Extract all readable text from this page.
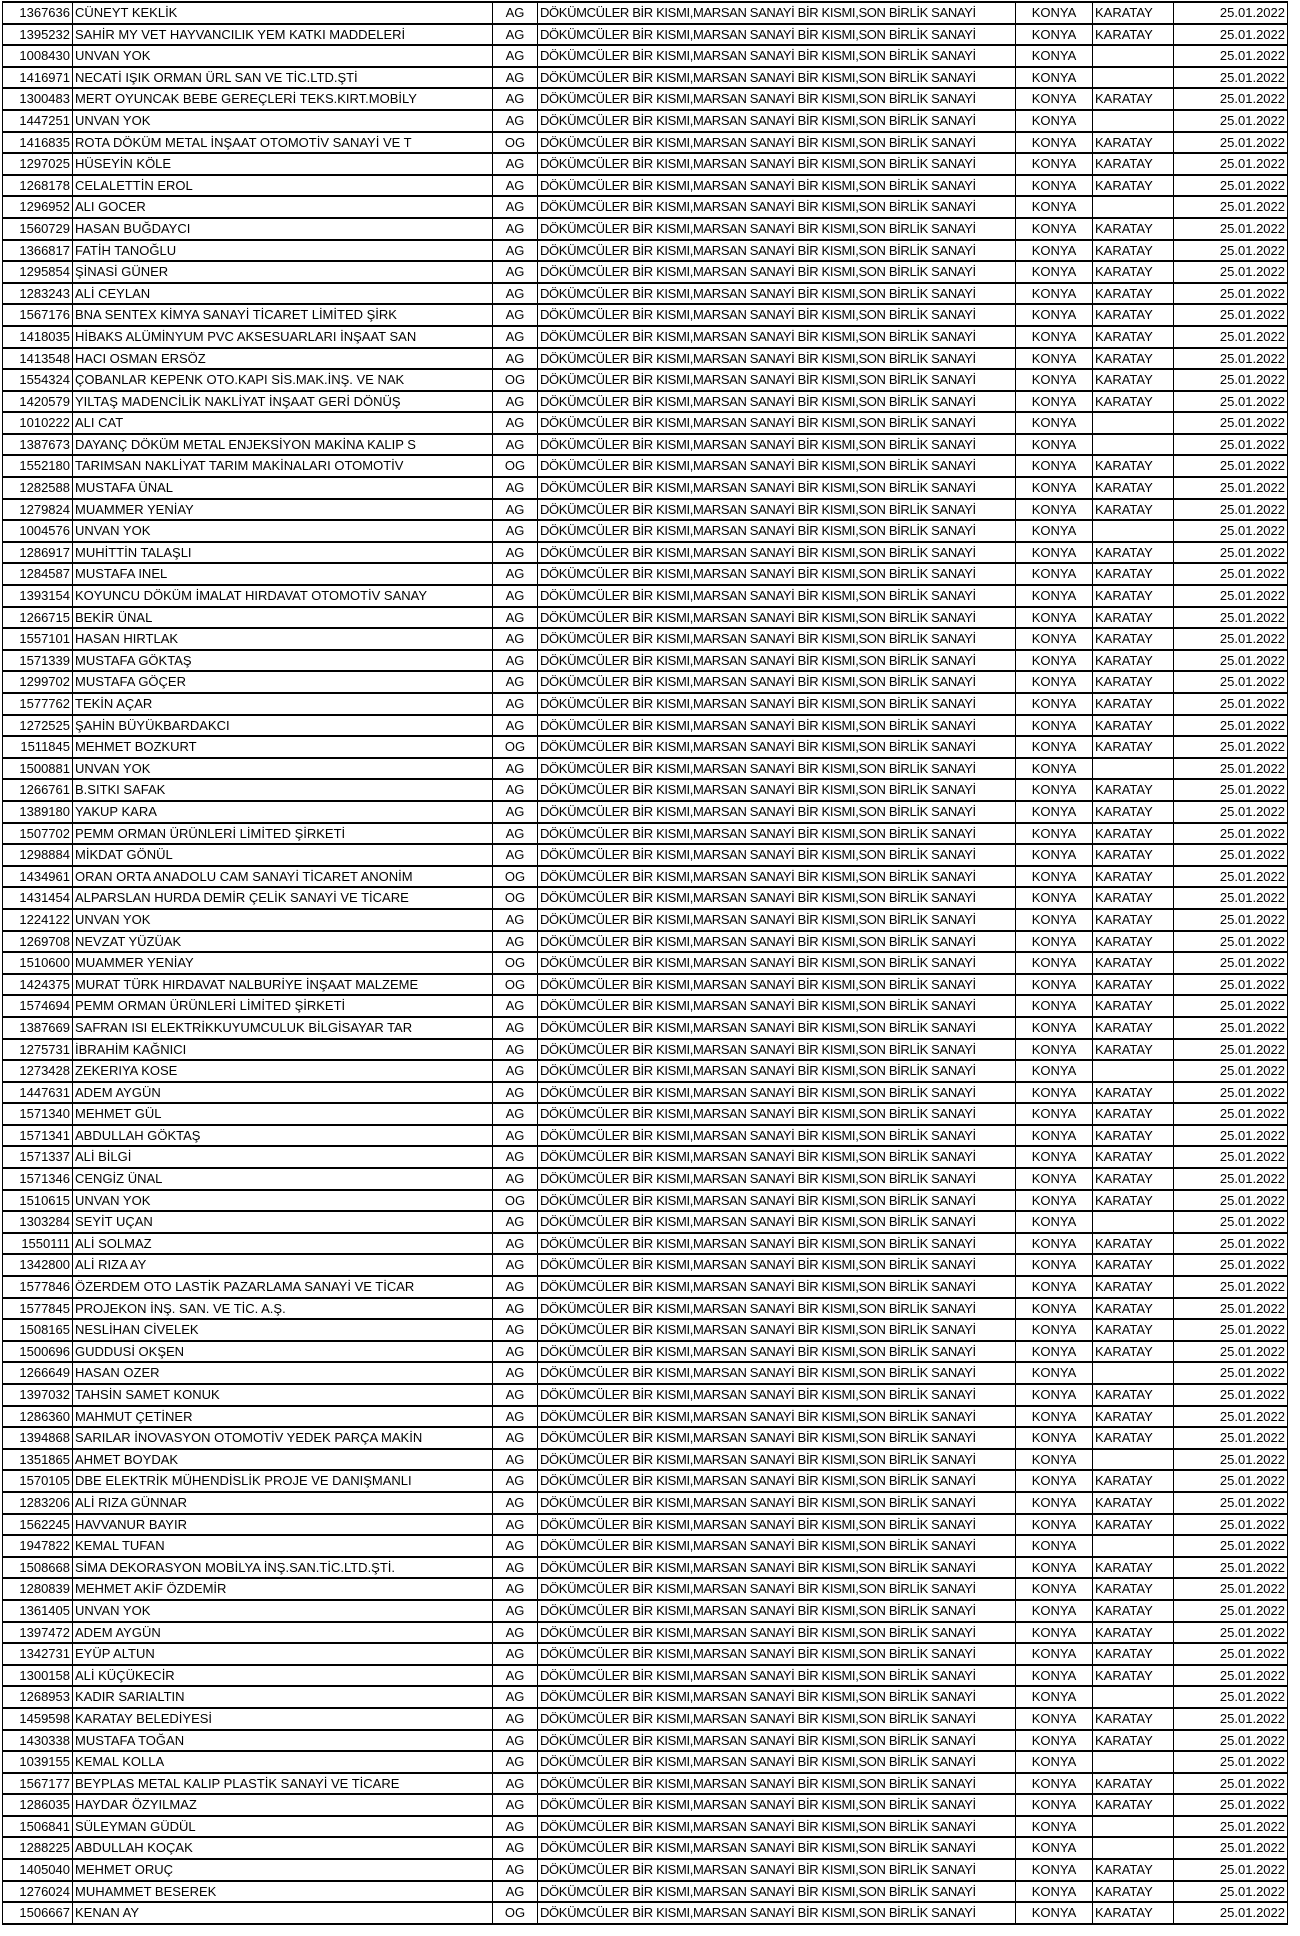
1367636	CÜNEYT KEKLİK	AG	DÖKÜMCÜLER BİR KISMI,MARSAN SANAYİ BİR KISMI,SON BİRLİK SANAYİ	KONYA	KARATAY	25.01.2022
1395232	SAHİR MY VET HAYVANCILIK YEM KATKI MADDELERİ	AG	DÖKÜMCÜLER BİR KISMI,MARSAN SANAYİ BİR KISMI,SON BİRLİK SANAYİ	KONYA	KARATAY	25.01.2022
1008430	UNVAN YOK	AG	DÖKÜMCÜLER BİR KISMI,MARSAN SANAYİ BİR KISMI,SON BİRLİK SANAYİ	KONYA		25.01.2022
1416971	NECATİ IŞIK ORMAN ÜRL SAN VE TİC.LTD.ŞTİ	AG	DÖKÜMCÜLER BİR KISMI,MARSAN SANAYİ BİR KISMI,SON BİRLİK SANAYİ	KONYA		25.01.2022
1300483	MERT OYUNCAK BEBE GEREÇLERİ TEKS.KIRT.MOBİLY	AG	DÖKÜMCÜLER BİR KISMI,MARSAN SANAYİ BİR KISMI,SON BİRLİK SANAYİ	KONYA	KARATAY	25.01.2022
1447251	UNVAN YOK	AG	DÖKÜMCÜLER BİR KISMI,MARSAN SANAYİ BİR KISMI,SON BİRLİK SANAYİ	KONYA		25.01.2022
1416835	ROTA DÖKÜM METAL İNŞAAT OTOMOTİV SANAYİ VE T	OG	DÖKÜMCÜLER BİR KISMI,MARSAN SANAYİ BİR KISMI,SON BİRLİK SANAYİ	KONYA	KARATAY	25.01.2022
1297025	HÜSEYİN KÖLE	AG	DÖKÜMCÜLER BİR KISMI,MARSAN SANAYİ BİR KISMI,SON BİRLİK SANAYİ	KONYA	KARATAY	25.01.2022
1268178	CELALETTİN EROL	AG	DÖKÜMCÜLER BİR KISMI,MARSAN SANAYİ BİR KISMI,SON BİRLİK SANAYİ	KONYA	KARATAY	25.01.2022
1296952	ALI GOCER	AG	DÖKÜMCÜLER BİR KISMI,MARSAN SANAYİ BİR KISMI,SON BİRLİK SANAYİ	KONYA		25.01.2022
1560729	HASAN BUĞDAYCI	AG	DÖKÜMCÜLER BİR KISMI,MARSAN SANAYİ BİR KISMI,SON BİRLİK SANAYİ	KONYA	KARATAY	25.01.2022
1366817	FATİH TANOĞLU	AG	DÖKÜMCÜLER BİR KISMI,MARSAN SANAYİ BİR KISMI,SON BİRLİK SANAYİ	KONYA	KARATAY	25.01.2022
1295854	ŞİNASİ GÜNER	AG	DÖKÜMCÜLER BİR KISMI,MARSAN SANAYİ BİR KISMI,SON BİRLİK SANAYİ	KONYA	KARATAY	25.01.2022
1283243	ALİ CEYLAN	AG	DÖKÜMCÜLER BİR KISMI,MARSAN SANAYİ BİR KISMI,SON BİRLİK SANAYİ	KONYA	KARATAY	25.01.2022
1567176	BNA SENTEX KİMYA SANAYİ TİCARET LİMİTED ŞİRK	AG	DÖKÜMCÜLER BİR KISMI,MARSAN SANAYİ BİR KISMI,SON BİRLİK SANAYİ	KONYA	KARATAY	25.01.2022
1418035	HİBAKS ALÜMİNYUM PVC AKSESUARLARI İNŞAAT SAN	AG	DÖKÜMCÜLER BİR KISMI,MARSAN SANAYİ BİR KISMI,SON BİRLİK SANAYİ	KONYA	KARATAY	25.01.2022
1413548	HACI OSMAN ERSÖZ	AG	DÖKÜMCÜLER BİR KISMI,MARSAN SANAYİ BİR KISMI,SON BİRLİK SANAYİ	KONYA	KARATAY	25.01.2022
1554324	ÇOBANLAR KEPENK OTO.KAPI SİS.MAK.İNŞ. VE NAK	OG	DÖKÜMCÜLER BİR KISMI,MARSAN SANAYİ BİR KISMI,SON BİRLİK SANAYİ	KONYA	KARATAY	25.01.2022
1420579	YILTAŞ MADENCİLİK NAKLİYAT İNŞAAT GERİ DÖNÜŞ	AG	DÖKÜMCÜLER BİR KISMI,MARSAN SANAYİ BİR KISMI,SON BİRLİK SANAYİ	KONYA	KARATAY	25.01.2022
1010222	ALI CAT	AG	DÖKÜMCÜLER BİR KISMI,MARSAN SANAYİ BİR KISMI,SON BİRLİK SANAYİ	KONYA		25.01.2022
1387673	DAYANÇ DÖKÜM METAL ENJEKSİYON MAKİNA KALIP S	AG	DÖKÜMCÜLER BİR KISMI,MARSAN SANAYİ BİR KISMI,SON BİRLİK SANAYİ	KONYA		25.01.2022
1552180	TARIMSAN NAKLİYAT TARIM MAKİNALARI OTOMOTİV	OG	DÖKÜMCÜLER BİR KISMI,MARSAN SANAYİ BİR KISMI,SON BİRLİK SANAYİ	KONYA	KARATAY	25.01.2022
1282588	MUSTAFA ÜNAL	AG	DÖKÜMCÜLER BİR KISMI,MARSAN SANAYİ BİR KISMI,SON BİRLİK SANAYİ	KONYA	KARATAY	25.01.2022
1279824	MUAMMER YENİAY	AG	DÖKÜMCÜLER BİR KISMI,MARSAN SANAYİ BİR KISMI,SON BİRLİK SANAYİ	KONYA	KARATAY	25.01.2022
1004576	UNVAN YOK	AG	DÖKÜMCÜLER BİR KISMI,MARSAN SANAYİ BİR KISMI,SON BİRLİK SANAYİ	KONYA		25.01.2022
1286917	MUHİTTİN TALAŞLI	AG	DÖKÜMCÜLER BİR KISMI,MARSAN SANAYİ BİR KISMI,SON BİRLİK SANAYİ	KONYA	KARATAY	25.01.2022
1284587	MUSTAFA INEL	AG	DÖKÜMCÜLER BİR KISMI,MARSAN SANAYİ BİR KISMI,SON BİRLİK SANAYİ	KONYA	KARATAY	25.01.2022
1393154	KOYUNCU DÖKÜM İMALAT HIRDAVAT OTOMOTİV SANAY	AG	DÖKÜMCÜLER BİR KISMI,MARSAN SANAYİ BİR KISMI,SON BİRLİK SANAYİ	KONYA	KARATAY	25.01.2022
1266715	BEKİR ÜNAL	AG	DÖKÜMCÜLER BİR KISMI,MARSAN SANAYİ BİR KISMI,SON BİRLİK SANAYİ	KONYA	KARATAY	25.01.2022
1557101	HASAN HIRTLAK	AG	DÖKÜMCÜLER BİR KISMI,MARSAN SANAYİ BİR KISMI,SON BİRLİK SANAYİ	KONYA	KARATAY	25.01.2022
1571339	MUSTAFA GÖKTAŞ	AG	DÖKÜMCÜLER BİR KISMI,MARSAN SANAYİ BİR KISMI,SON BİRLİK SANAYİ	KONYA	KARATAY	25.01.2022
1299702	MUSTAFA GÖÇER	AG	DÖKÜMCÜLER BİR KISMI,MARSAN SANAYİ BİR KISMI,SON BİRLİK SANAYİ	KONYA	KARATAY	25.01.2022
1577762	TEKİN AÇAR	AG	DÖKÜMCÜLER BİR KISMI,MARSAN SANAYİ BİR KISMI,SON BİRLİK SANAYİ	KONYA	KARATAY	25.01.2022
1272525	ŞAHİN BÜYÜKBARDAKCI	AG	DÖKÜMCÜLER BİR KISMI,MARSAN SANAYİ BİR KISMI,SON BİRLİK SANAYİ	KONYA	KARATAY	25.01.2022
1511845	MEHMET BOZKURT	OG	DÖKÜMCÜLER BİR KISMI,MARSAN SANAYİ BİR KISMI,SON BİRLİK SANAYİ	KONYA	KARATAY	25.01.2022
1500881	UNVAN YOK	AG	DÖKÜMCÜLER BİR KISMI,MARSAN SANAYİ BİR KISMI,SON BİRLİK SANAYİ	KONYA		25.01.2022
1266761	B.SITKI SAFAK	AG	DÖKÜMCÜLER BİR KISMI,MARSAN SANAYİ BİR KISMI,SON BİRLİK SANAYİ	KONYA	KARATAY	25.01.2022
1389180	YAKUP KARA	AG	DÖKÜMCÜLER BİR KISMI,MARSAN SANAYİ BİR KISMI,SON BİRLİK SANAYİ	KONYA	KARATAY	25.01.2022
1507702	PEMM ORMAN ÜRÜNLERİ LİMİTED ŞİRKETİ	AG	DÖKÜMCÜLER BİR KISMI,MARSAN SANAYİ BİR KISMI,SON BİRLİK SANAYİ	KONYA	KARATAY	25.01.2022
1298884	MİKDAT GÖNÜL	AG	DÖKÜMCÜLER BİR KISMI,MARSAN SANAYİ BİR KISMI,SON BİRLİK SANAYİ	KONYA	KARATAY	25.01.2022
1434961	ORAN ORTA ANADOLU CAM SANAYİ TİCARET ANONİM	OG	DÖKÜMCÜLER BİR KISMI,MARSAN SANAYİ BİR KISMI,SON BİRLİK SANAYİ	KONYA	KARATAY	25.01.2022
1431454	ALPARSLAN HURDA DEMİR ÇELİK SANAYİ VE TİCARE	OG	DÖKÜMCÜLER BİR KISMI,MARSAN SANAYİ BİR KISMI,SON BİRLİK SANAYİ	KONYA	KARATAY	25.01.2022
1224122	UNVAN YOK	AG	DÖKÜMCÜLER BİR KISMI,MARSAN SANAYİ BİR KISMI,SON BİRLİK SANAYİ	KONYA	KARATAY	25.01.2022
1269708	NEVZAT YÜZÜAK	AG	DÖKÜMCÜLER BİR KISMI,MARSAN SANAYİ BİR KISMI,SON BİRLİK SANAYİ	KONYA	KARATAY	25.01.2022
1510600	MUAMMER YENİAY	OG	DÖKÜMCÜLER BİR KISMI,MARSAN SANAYİ BİR KISMI,SON BİRLİK SANAYİ	KONYA	KARATAY	25.01.2022
1424375	MURAT TÜRK HIRDAVAT NALBURİYE İNŞAAT MALZEME	OG	DÖKÜMCÜLER BİR KISMI,MARSAN SANAYİ BİR KISMI,SON BİRLİK SANAYİ	KONYA	KARATAY	25.01.2022
1574694	PEMM ORMAN ÜRÜNLERİ LİMİTED ŞİRKETİ	AG	DÖKÜMCÜLER BİR KISMI,MARSAN SANAYİ BİR KISMI,SON BİRLİK SANAYİ	KONYA	KARATAY	25.01.2022
1387669	SAFRAN ISI ELEKTRİKKUYUMCULUK BİLGİSAYAR TAR	AG	DÖKÜMCÜLER BİR KISMI,MARSAN SANAYİ BİR KISMI,SON BİRLİK SANAYİ	KONYA	KARATAY	25.01.2022
1275731	İBRAHİM KAĞNICI	AG	DÖKÜMCÜLER BİR KISMI,MARSAN SANAYİ BİR KISMI,SON BİRLİK SANAYİ	KONYA	KARATAY	25.01.2022
1273428	ZEKERIYA KOSE	AG	DÖKÜMCÜLER BİR KISMI,MARSAN SANAYİ BİR KISMI,SON BİRLİK SANAYİ	KONYA		25.01.2022
1447631	ADEM AYGÜN	AG	DÖKÜMCÜLER BİR KISMI,MARSAN SANAYİ BİR KISMI,SON BİRLİK SANAYİ	KONYA	KARATAY	25.01.2022
1571340	MEHMET GÜL	AG	DÖKÜMCÜLER BİR KISMI,MARSAN SANAYİ BİR KISMI,SON BİRLİK SANAYİ	KONYA	KARATAY	25.01.2022
1571341	ABDULLAH GÖKTAŞ	AG	DÖKÜMCÜLER BİR KISMI,MARSAN SANAYİ BİR KISMI,SON BİRLİK SANAYİ	KONYA	KARATAY	25.01.2022
1571337	ALİ BİLGİ	AG	DÖKÜMCÜLER BİR KISMI,MARSAN SANAYİ BİR KISMI,SON BİRLİK SANAYİ	KONYA	KARATAY	25.01.2022
1571346	CENGİZ ÜNAL	AG	DÖKÜMCÜLER BİR KISMI,MARSAN SANAYİ BİR KISMI,SON BİRLİK SANAYİ	KONYA	KARATAY	25.01.2022
1510615	UNVAN YOK	OG	DÖKÜMCÜLER BİR KISMI,MARSAN SANAYİ BİR KISMI,SON BİRLİK SANAYİ	KONYA	KARATAY	25.01.2022
1303284	SEYİT UÇAN	AG	DÖKÜMCÜLER BİR KISMI,MARSAN SANAYİ BİR KISMI,SON BİRLİK SANAYİ	KONYA		25.01.2022
1550111	ALİ SOLMAZ	AG	DÖKÜMCÜLER BİR KISMI,MARSAN SANAYİ BİR KISMI,SON BİRLİK SANAYİ	KONYA	KARATAY	25.01.2022
1342800	ALİ RIZA AY	AG	DÖKÜMCÜLER BİR KISMI,MARSAN SANAYİ BİR KISMI,SON BİRLİK SANAYİ	KONYA	KARATAY	25.01.2022
1577846	ÖZERDEM OTO LASTİK PAZARLAMA SANAYİ VE TİCAR	AG	DÖKÜMCÜLER BİR KISMI,MARSAN SANAYİ BİR KISMI,SON BİRLİK SANAYİ	KONYA	KARATAY	25.01.2022
1577845	PROJEKON İNŞ. SAN. VE TİC. A.Ş.	AG	DÖKÜMCÜLER BİR KISMI,MARSAN SANAYİ BİR KISMI,SON BİRLİK SANAYİ	KONYA	KARATAY	25.01.2022
1508165	NESLİHAN CİVELEK	AG	DÖKÜMCÜLER BİR KISMI,MARSAN SANAYİ BİR KISMI,SON BİRLİK SANAYİ	KONYA	KARATAY	25.01.2022
1500696	GUDDUSİ OKŞEN	AG	DÖKÜMCÜLER BİR KISMI,MARSAN SANAYİ BİR KISMI,SON BİRLİK SANAYİ	KONYA	KARATAY	25.01.2022
1266649	HASAN OZER	AG	DÖKÜMCÜLER BİR KISMI,MARSAN SANAYİ BİR KISMI,SON BİRLİK SANAYİ	KONYA		25.01.2022
1397032	TAHSİN SAMET KONUK	AG	DÖKÜMCÜLER BİR KISMI,MARSAN SANAYİ BİR KISMI,SON BİRLİK SANAYİ	KONYA	KARATAY	25.01.2022
1286360	MAHMUT ÇETİNER	AG	DÖKÜMCÜLER BİR KISMI,MARSAN SANAYİ BİR KISMI,SON BİRLİK SANAYİ	KONYA	KARATAY	25.01.2022
1394868	SARILAR İNOVASYON OTOMOTİV YEDEK PARÇA MAKİN	AG	DÖKÜMCÜLER BİR KISMI,MARSAN SANAYİ BİR KISMI,SON BİRLİK SANAYİ	KONYA	KARATAY	25.01.2022
1351865	AHMET BOYDAK	AG	DÖKÜMCÜLER BİR KISMI,MARSAN SANAYİ BİR KISMI,SON BİRLİK SANAYİ	KONYA		25.01.2022
1570105	DBE ELEKTRİK MÜHENDİSLİK PROJE VE DANIŞMANLI	AG	DÖKÜMCÜLER BİR KISMI,MARSAN SANAYİ BİR KISMI,SON BİRLİK SANAYİ	KONYA	KARATAY	25.01.2022
1283206	ALİ RIZA GÜNNAR	AG	DÖKÜMCÜLER BİR KISMI,MARSAN SANAYİ BİR KISMI,SON BİRLİK SANAYİ	KONYA	KARATAY	25.01.2022
1562245	HAVVANUR BAYIR	AG	DÖKÜMCÜLER BİR KISMI,MARSAN SANAYİ BİR KISMI,SON BİRLİK SANAYİ	KONYA	KARATAY	25.01.2022
1947822	KEMAL TUFAN	AG	DÖKÜMCÜLER BİR KISMI,MARSAN SANAYİ BİR KISMI,SON BİRLİK SANAYİ	KONYA		25.01.2022
1508668	SİMA DEKORASYON MOBİLYA İNŞ.SAN.TİC.LTD.ŞTİ.	AG	DÖKÜMCÜLER BİR KISMI,MARSAN SANAYİ BİR KISMI,SON BİRLİK SANAYİ	KONYA	KARATAY	25.01.2022
1280839	MEHMET AKİF ÖZDEMİR	AG	DÖKÜMCÜLER BİR KISMI,MARSAN SANAYİ BİR KISMI,SON BİRLİK SANAYİ	KONYA	KARATAY	25.01.2022
1361405	UNVAN YOK	AG	DÖKÜMCÜLER BİR KISMI,MARSAN SANAYİ BİR KISMI,SON BİRLİK SANAYİ	KONYA	KARATAY	25.01.2022
1397472	ADEM AYGÜN	AG	DÖKÜMCÜLER BİR KISMI,MARSAN SANAYİ BİR KISMI,SON BİRLİK SANAYİ	KONYA	KARATAY	25.01.2022
1342731	EYÜP ALTUN	AG	DÖKÜMCÜLER BİR KISMI,MARSAN SANAYİ BİR KISMI,SON BİRLİK SANAYİ	KONYA	KARATAY	25.01.2022
1300158	ALİ KÜÇÜKECİR	AG	DÖKÜMCÜLER BİR KISMI,MARSAN SANAYİ BİR KISMI,SON BİRLİK SANAYİ	KONYA	KARATAY	25.01.2022
1268953	KADIR SARIALTIN	AG	DÖKÜMCÜLER BİR KISMI,MARSAN SANAYİ BİR KISMI,SON BİRLİK SANAYİ	KONYA		25.01.2022
1459598	KARATAY BELEDİYESİ	AG	DÖKÜMCÜLER BİR KISMI,MARSAN SANAYİ BİR KISMI,SON BİRLİK SANAYİ	KONYA	KARATAY	25.01.2022
1430338	MUSTAFA TOĞAN	AG	DÖKÜMCÜLER BİR KISMI,MARSAN SANAYİ BİR KISMI,SON BİRLİK SANAYİ	KONYA	KARATAY	25.01.2022
1039155	KEMAL KOLLA	AG	DÖKÜMCÜLER BİR KISMI,MARSAN SANAYİ BİR KISMI,SON BİRLİK SANAYİ	KONYA		25.01.2022
1567177	BEYPLAS METAL KALIP PLASTİK SANAYİ VE TİCARE	AG	DÖKÜMCÜLER BİR KISMI,MARSAN SANAYİ BİR KISMI,SON BİRLİK SANAYİ	KONYA	KARATAY	25.01.2022
1286035	HAYDAR ÖZYILMAZ	AG	DÖKÜMCÜLER BİR KISMI,MARSAN SANAYİ BİR KISMI,SON BİRLİK SANAYİ	KONYA	KARATAY	25.01.2022
1506841	SÜLEYMAN GÜDÜL	AG	DÖKÜMCÜLER BİR KISMI,MARSAN SANAYİ BİR KISMI,SON BİRLİK SANAYİ	KONYA		25.01.2022
1288225	ABDULLAH KOÇAK	AG	DÖKÜMCÜLER BİR KISMI,MARSAN SANAYİ BİR KISMI,SON BİRLİK SANAYİ	KONYA		25.01.2022
1405040	MEHMET ORUÇ	AG	DÖKÜMCÜLER BİR KISMI,MARSAN SANAYİ BİR KISMI,SON BİRLİK SANAYİ	KONYA	KARATAY	25.01.2022
1276024	MUHAMMET BESEREK	AG	DÖKÜMCÜLER BİR KISMI,MARSAN SANAYİ BİR KISMI,SON BİRLİK SANAYİ	KONYA	KARATAY	25.01.2022
1506667	KENAN AY	OG	DÖKÜMCÜLER BİR KISMI,MARSAN SANAYİ BİR KISMI,SON BİRLİK SANAYİ	KONYA	KARATAY	25.01.2022
